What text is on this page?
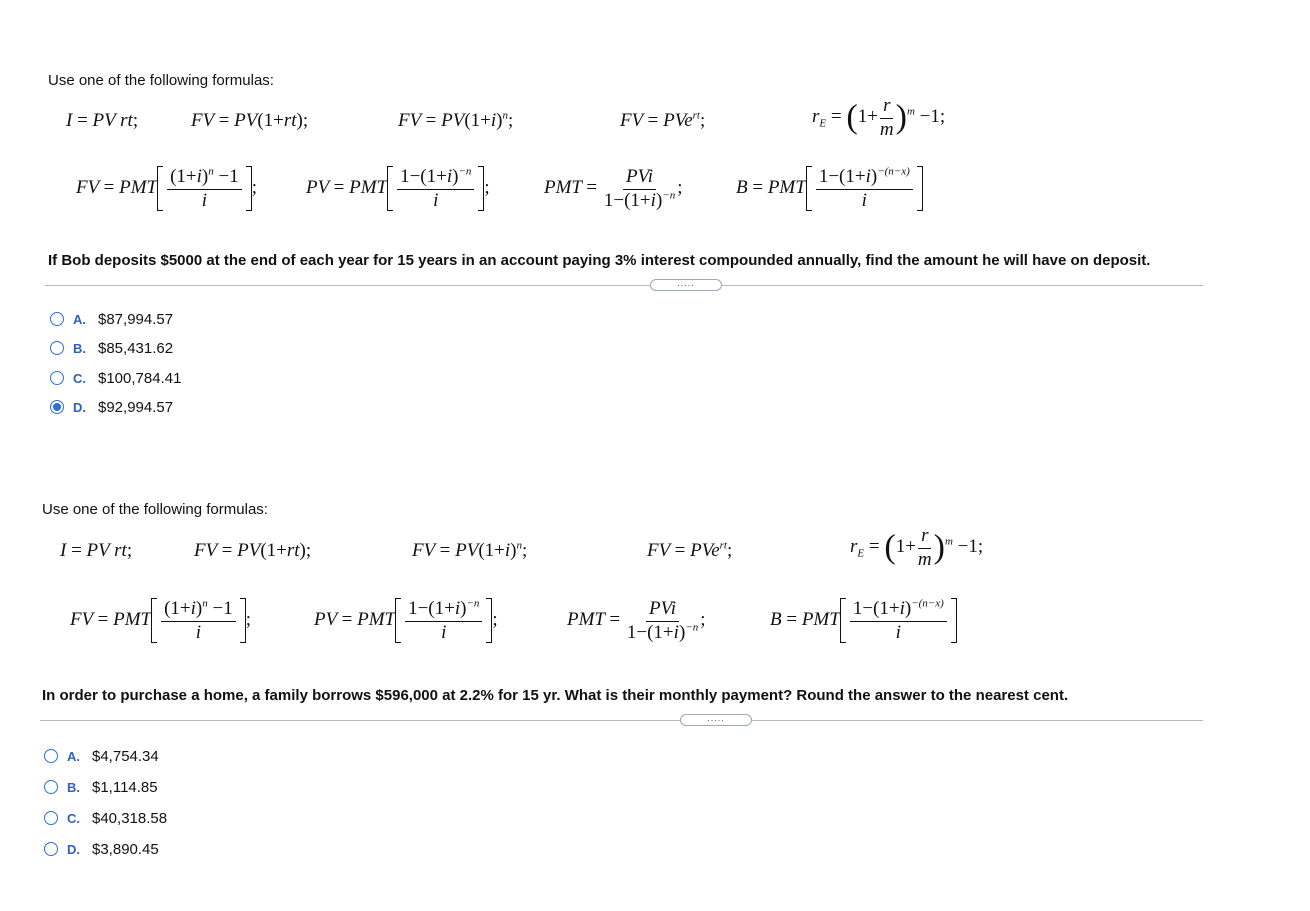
Use one of the following formulas:
I = PV rt;	FV = PV(1+rt);	FV = $PV(1+i)^n$;	FV = PVe$^{rt}$;	$r_E = (1+ \frac{r}{m} )^m -1$;
FV = PMT $\frac{(1+i)^n -1}{i}$ ;	PV = PMT $\frac{1-(1+i)^{-n}}{i}$ ;	PMT = $\frac{\text{PVi}}{1-(1+i)^{-n}}$ ;	B = PMT $\frac{1-(1+i)^{-(n-x)}}{i}$
If Bob deposits $5000 at the end of each year for 15 years in an account paying 3% interest compounded annually, find the amount he will have on deposit.
.....
A. $87,994.57
B. $85,431.62
C. $100,784.41
D. $92,994.57
Use one of the following formulas:
I = PV rt;	FV = PV(1+rt);	FV = $PV(1+i)^n$;	FV = PVe$^{rt}$;	$r_E = (1+ \frac{r}{m} )^m -1$;
FV = PMT $\frac{(1+i)^n -1}{i}$ ;	PV = PMT $\frac{1-(1+i)^{-n}}{i}$ ;	PMT = $\frac{\text{PVi}}{1-(1+i)^{-n}}$ ;	B = PMT $\frac{1-(1+i)^{-(n-x)}}{i}$
In order to purchase a home, a family borrows $596,000 at 2.2% for 15 yr. What is their monthly payment? Round the answer to the nearest cent.
.....
A. $4,754.34
B. $1,114.85
C. $40,318.58
D. $3,890.45
